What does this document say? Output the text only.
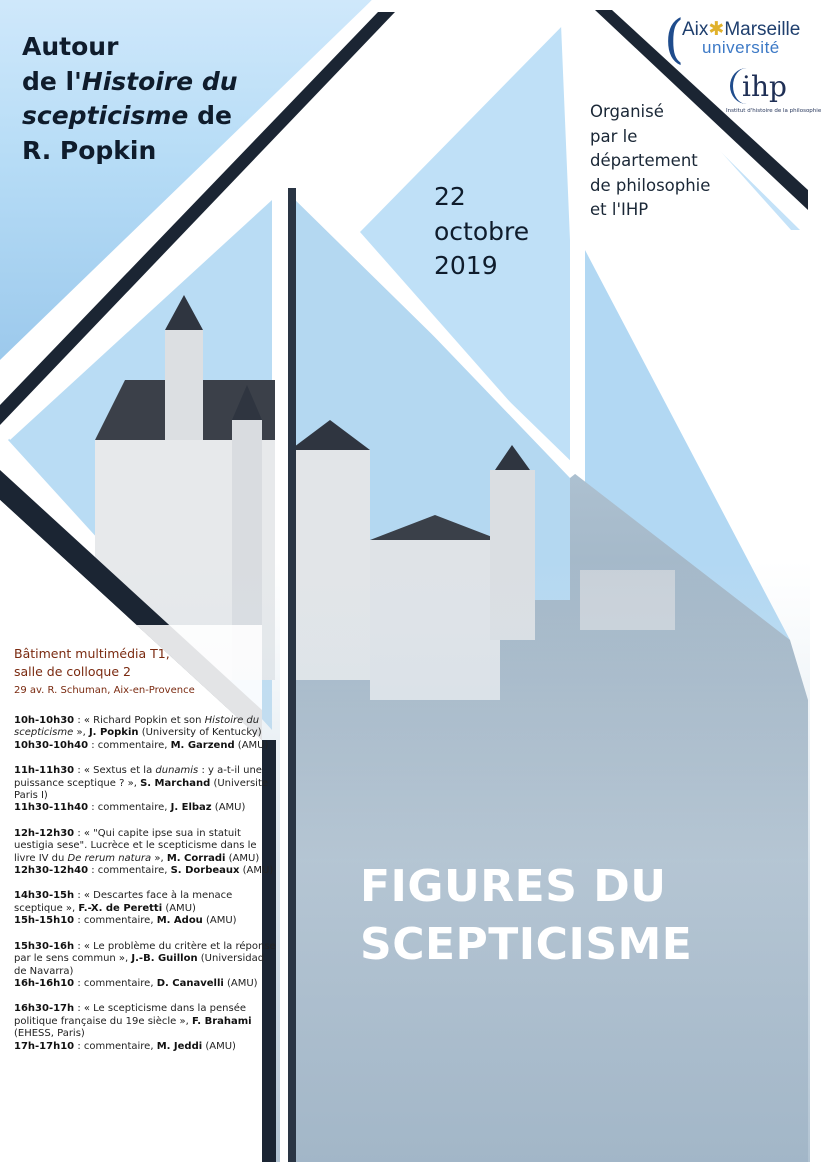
Autour
de l'Histoire du
scepticisme de
R. Popkin
(
Aix✱Marseille
université
ihp
Institut d'histoire de la philosophie

Organisé
par le
département
de philosophie
et l'IHP

22
octobre
2019

Bâtiment multimédia T1,
salle de colloque 2

29 av. R. Schuman, Aix-en-Provence

10h-10h30 : « Richard Popkin et son Histoire du scepticisme », J. Popkin (University of Kentucky)

10h30-10h40 : commentaire, M. Garzend (AMU)

11h-11h30 : « Sextus et la dunamis : y a-t-il une puissance sceptique ? », S. Marchand (Universite Paris I)

11h30-11h40 : commentaire, J. Elbaz (AMU)

12h-12h30 : « "Qui capite ipse sua in statuit uestigia sese". Lucrèce et le scepticisme dans le livre IV du De rerum natura », M. Corradi (AMU)

12h30-12h40 : commentaire, S. Dorbeaux (AMU)

14h30-15h : « Descartes face à la menace sceptique », F.-X. de Peretti (AMU)

15h-15h10 : commentaire, M. Adou (AMU)

15h30-16h : « Le problème du critère et la réponse par le sens commun », J.-B. Guillon (Universidad de Navarra)

16h-16h10 : commentaire, D. Canavelli (AMU)

16h30-17h : « Le scepticisme dans la pensée politique française du 19e siècle », F. Brahami (EHESS, Paris)

17h-17h10 : commentaire, M. Jeddi (AMU)

FIGURES DU
SCEPTICISME
